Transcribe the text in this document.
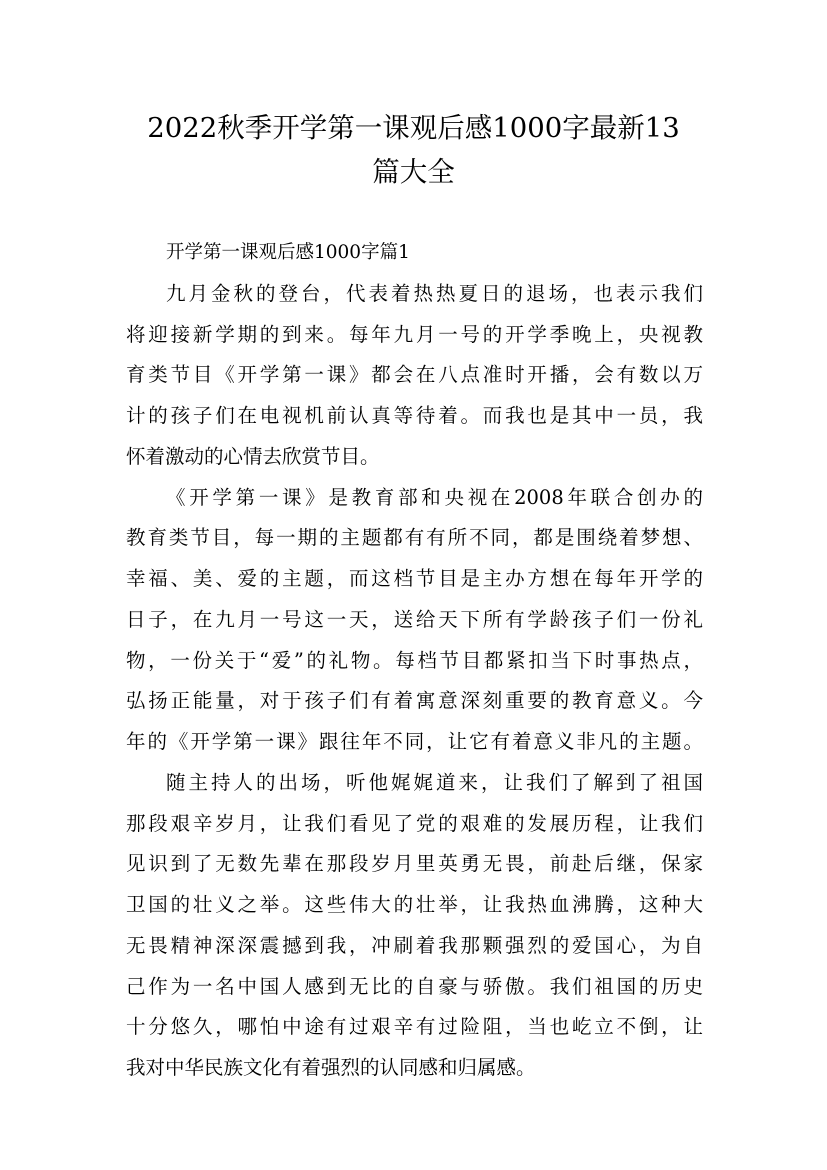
2022秋季开学第一课观后感1000字最新13
篇大全
开学第一课观后感1000字篇1
九月金秋的登台，代表着热热夏日的退场，也表示我们
将迎接新学期的到来。每年九月一号的开学季晚上，央视教
育类节目《开学第一课》都会在八点准时开播，会有数以万
计的孩子们在电视机前认真等待着。而我也是其中一员，我
怀着激动的心情去欣赏节目。
《开学第一课》是教育部和央视在2008年联合创办的
教育类节目，每一期的主题都有有所不同，都是围绕着梦想、
幸福、美、爱的主题，而这档节目是主办方想在每年开学的
日子，在九月一号这一天，送给天下所有学龄孩子们一份礼
物，一份关于“爱”的礼物。每档节目都紧扣当下时事热点，
弘扬正能量，对于孩子们有着寓意深刻重要的教育意义。今
年的《开学第一课》跟往年不同，让它有着意义非凡的主题。
随主持人的出场，听他娓娓道来，让我们了解到了祖国
那段艰辛岁月，让我们看见了党的艰难的发展历程，让我们
见识到了无数先辈在那段岁月里英勇无畏，前赴后继，保家
卫国的壮义之举。这些伟大的壮举，让我热血沸腾，这种大
无畏精神深深震撼到我，冲刷着我那颗强烈的爱国心，为自
己作为一名中国人感到无比的自豪与骄傲。我们祖国的历史
十分悠久，哪怕中途有过艰辛有过险阻，当也屹立不倒，让
我对中华民族文化有着强烈的认同感和归属感。
